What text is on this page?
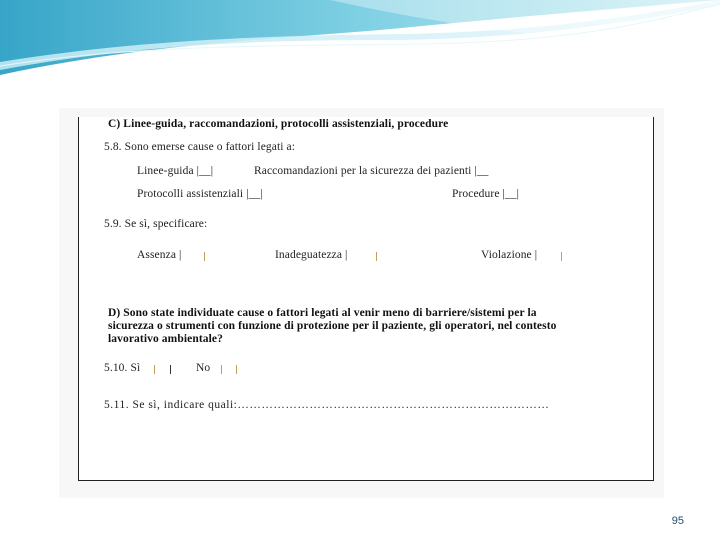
C) Linee-guida, raccomandazioni, protocolli assistenziali, procedure
5.8. Sono emerse cause o fattori legati a:
Linee-guida |__|	Raccomandazioni per la sicurezza dei pazienti |__
Protocolli assistenziali |__|	Procedure |__|
5.9. Se sì, specificare:
Assenza |	Inadeguatezza |	Violazione |
D) Sono state individuate cause o fattori legati al venir meno di barriere/sistemi per la
sicurezza o strumenti con funzione di protezione per il paziente, gli operatori, nel contesto
lavorativo ambientale?
5.10. Sì	No
5.11. Se sì, indicare quali:……………………………………………………………………
95
